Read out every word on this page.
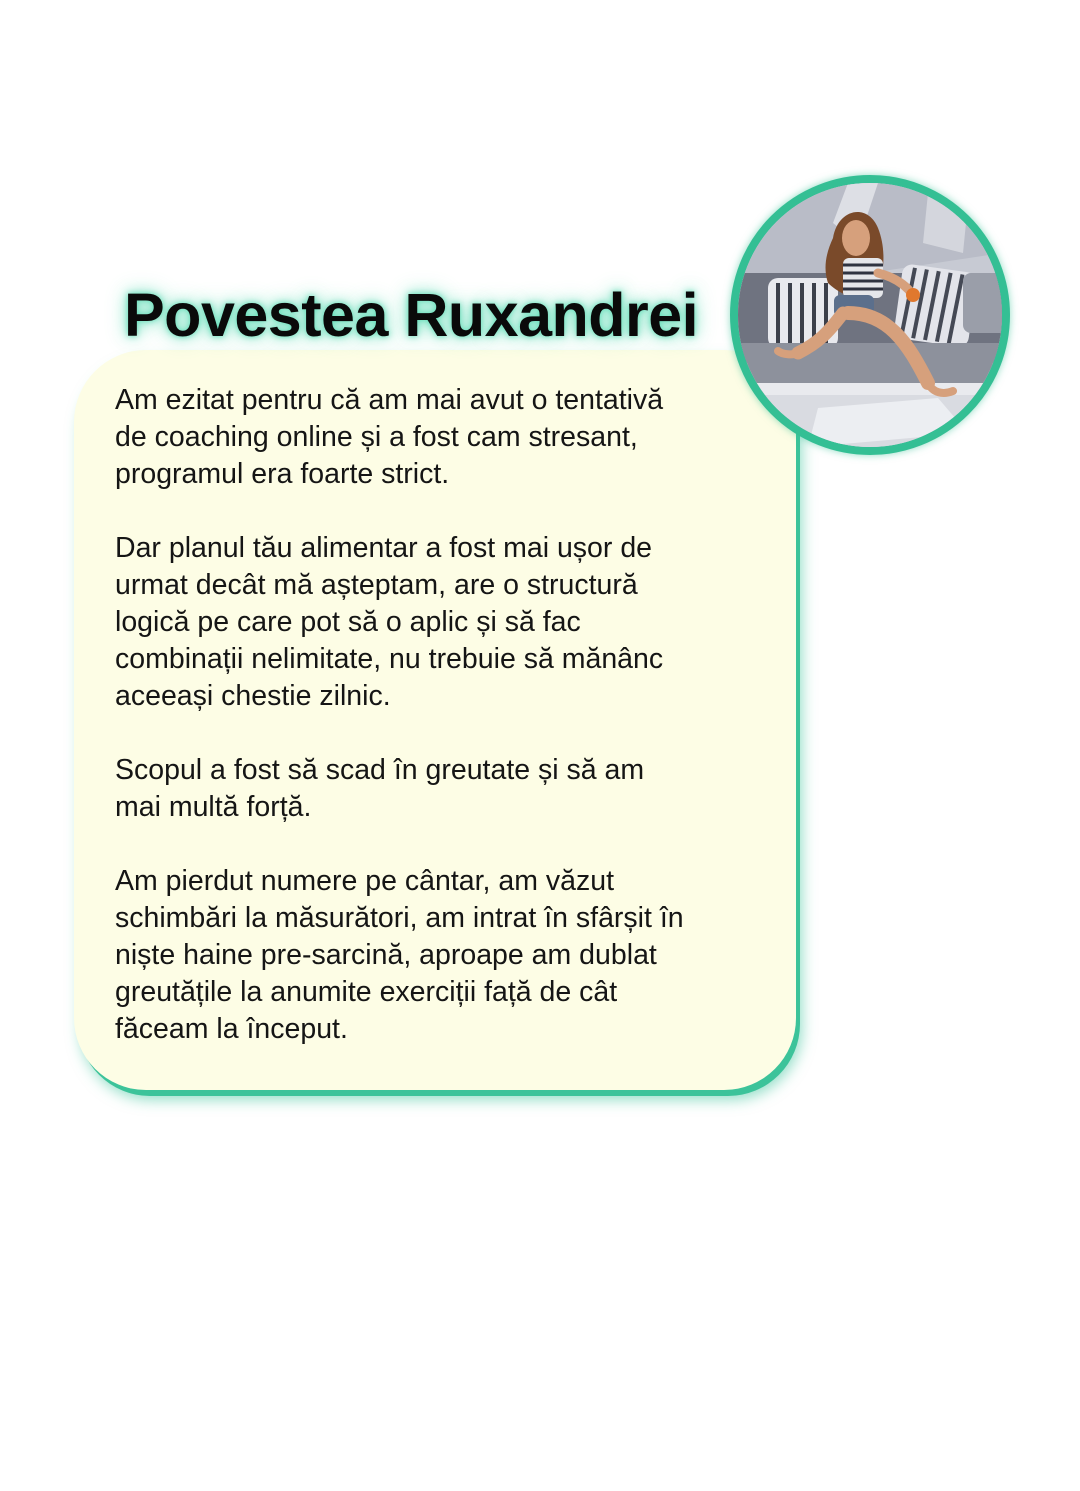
Povestea Ruxandrei

Am ezitat pentru că am mai avut o tentativă
de coaching online și a fost cam stresant,
programul era foarte strict.

Dar planul tău alimentar a fost mai ușor de
urmat decât mă așteptam, are o structură
logică pe care pot să o aplic și să fac
combinații nelimitate, nu trebuie să mănânc
aceeași chestie zilnic.

Scopul a fost să scad în greutate și să am
mai multă forță.

Am pierdut numere pe cântar, am văzut
schimbări la măsurători, am intrat în sfârșit în
niște haine pre-sarcină, aproape am dublat
greutățile la anumite exerciții față de cât
făceam la început.
